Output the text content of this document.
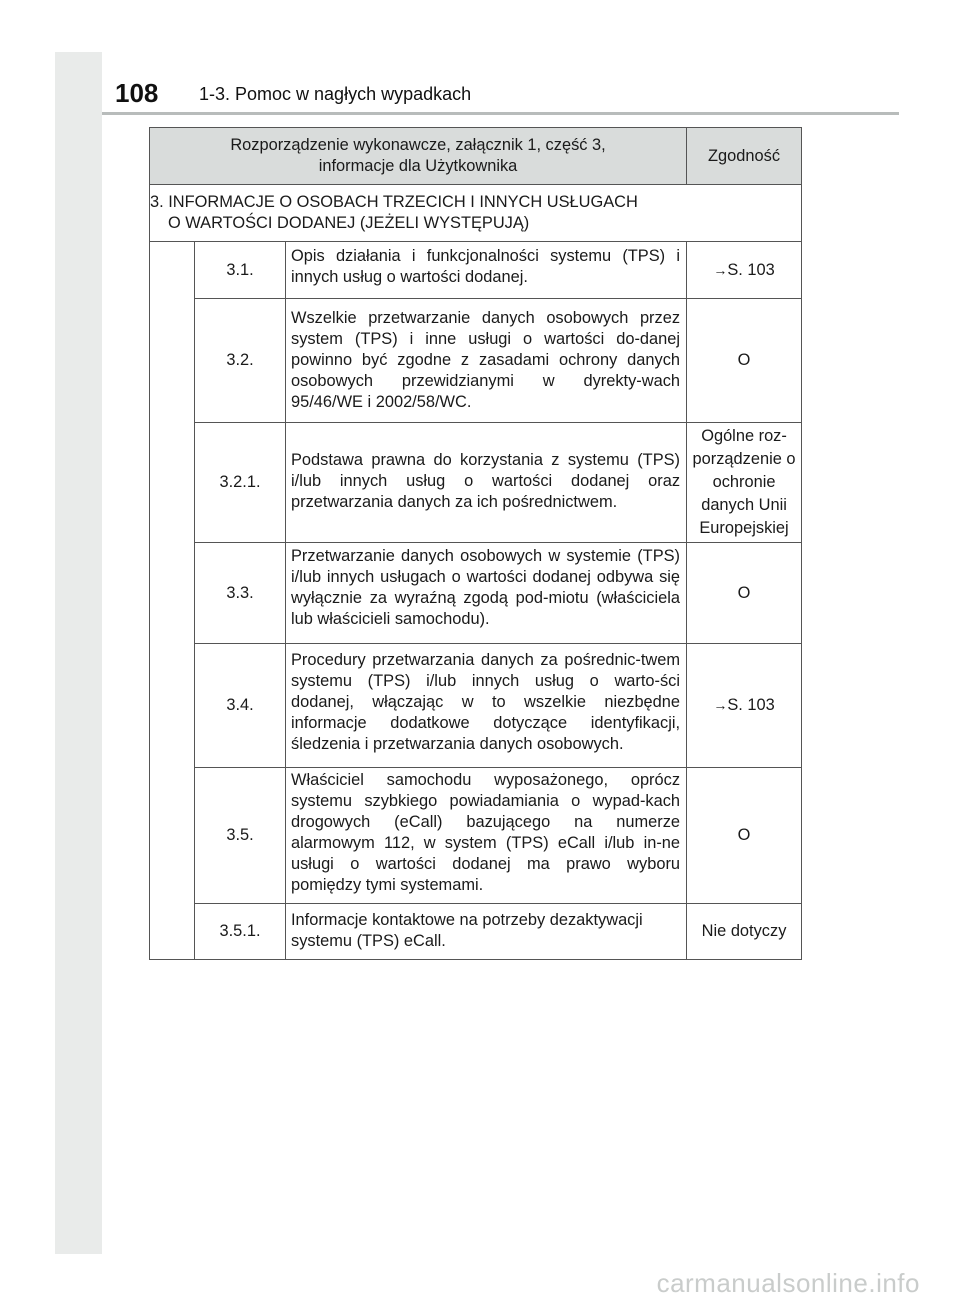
108 1-3. Pomoc w nagłych wypadkach
Rozporządzenie wykonawcze, załącznik 1, część 3,
informacje dla Użytkownika			Zgodność

3. INFORMACJE O OSOBACH TRZECICH I INNYCH USŁUGACH
O WARTOŚCI DODANEJ (JEŻELI WYSTĘPUJĄ)			

	3.1.	Opis działania i funkcjonalności systemu (TPS) i innych usług o wartości dodanej.	→S. 103
	3.2.	Wszelkie przetwarzanie danych osobowych przez system (TPS) i inne usługi o wartości do-danej powinno być zgodne z zasadami ochrony danych osobowych przewidzianymi w dyrekty-wach 95/46/WE i 2002/58/WC.	O
	3.2.1.	Podstawa prawna do korzystania z systemu (TPS) i/lub innych usług o wartości dodanej oraz przetwarzania danych za ich pośrednictwem.	Ogólne roz-porządzenie o ochronie danych Unii Europejskiej
	3.3.	Przetwarzanie danych osobowych w systemie (TPS) i/lub innych usługach o wartości dodanej odbywa się wyłącznie za wyraźną zgodą pod-miotu (właściciela lub właścicieli samochodu).	O
	3.4.	Procedury przetwarzania danych za pośrednic-twem systemu (TPS) i/lub innych usług o warto-ści dodanej, włączając w to wszelkie niezbędne informacje dodatkowe dotyczące identyfikacji, śledzenia i przetwarzania danych osobowych.	→S. 103
	3.5.	Właściciel samochodu wyposażonego, oprócz systemu szybkiego powiadamiania o wypad-kach drogowych (eCall) bazującego na numerze alarmowym 112, w system (TPS) eCall i/lub in-ne usługi o wartości dodanej ma prawo wyboru pomiędzy tymi systemami.	O
	3.5.1.	Informacje kontaktowe na potrzeby dezaktywacji systemu (TPS) eCall.	Nie dotyczy
carmanualsonline.info
